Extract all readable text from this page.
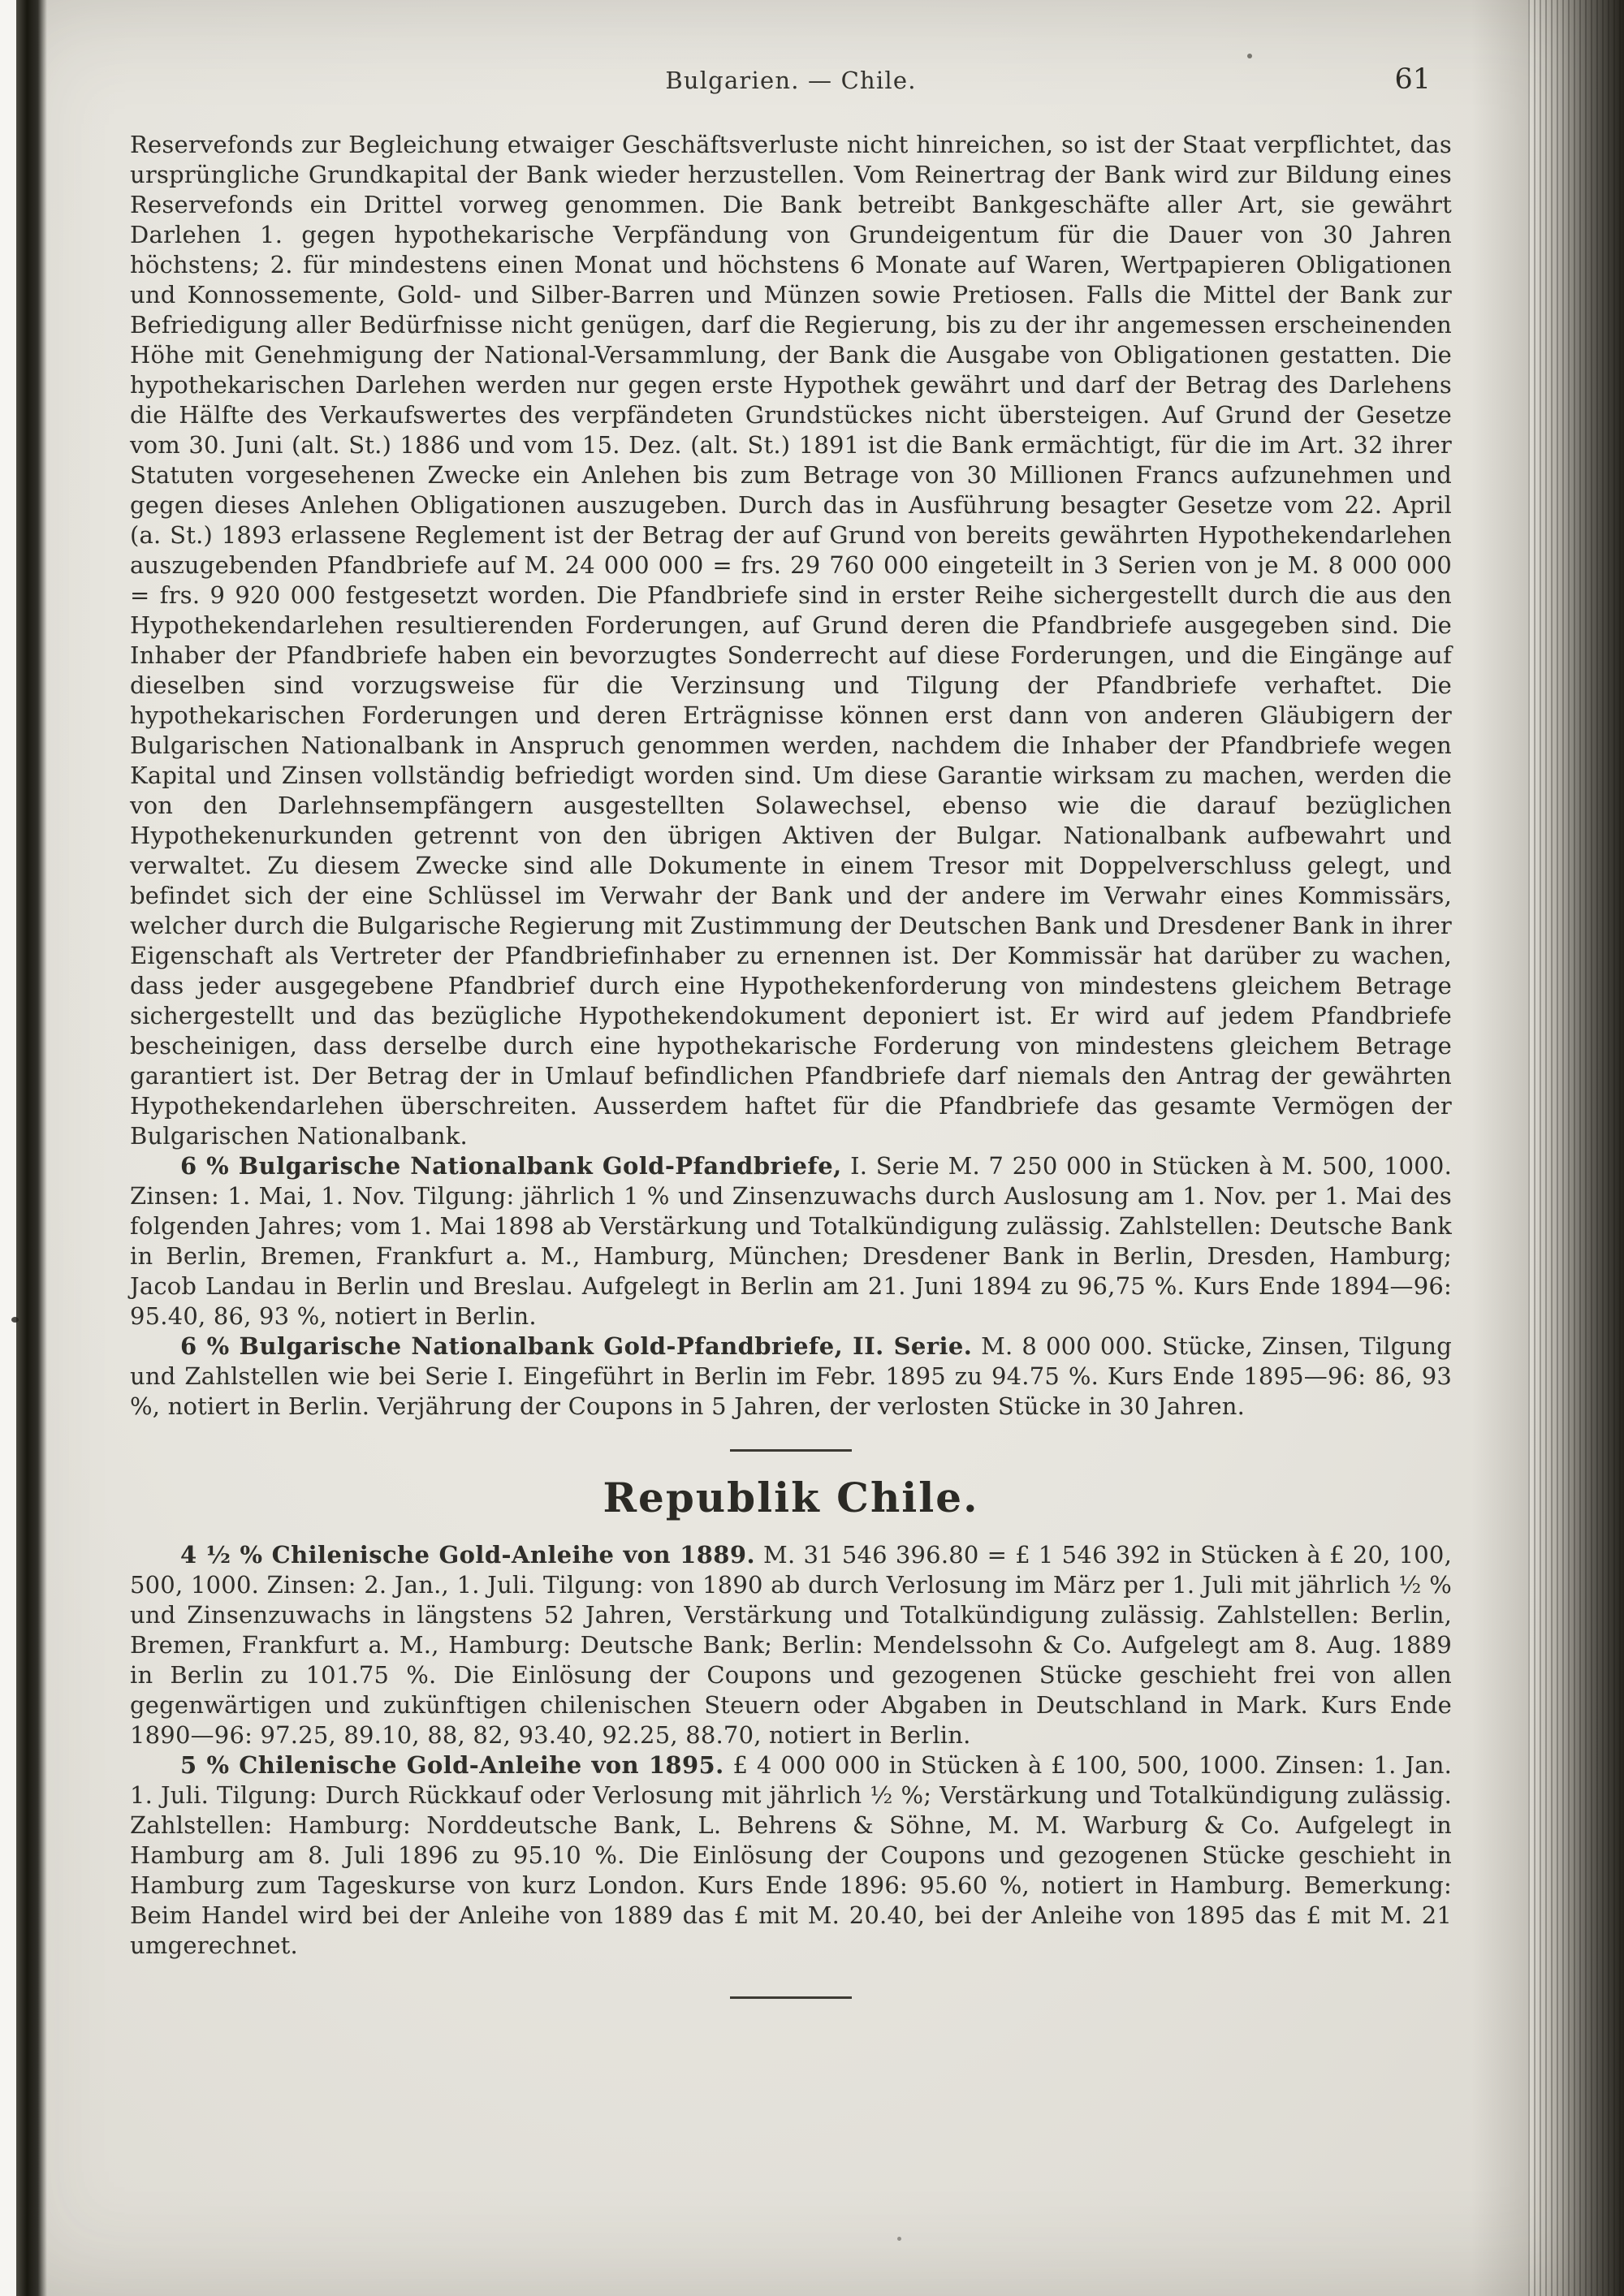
Bulgarien. — Chile.	61

Reservefonds zur Begleichung etwaiger Geschäftsverluste nicht hinreichen, so ist der Staat verpflichtet, das ursprüngliche Grundkapital der Bank wieder herzustellen. Vom Reinertrag der Bank wird zur Bildung eines Reservefonds ein Drittel vorweg genommen. Die Bank betreibt Bankgeschäfte aller Art, sie gewährt Darlehen 1. gegen hypothekarische Verpfändung von Grundeigentum für die Dauer von 30 Jahren höchstens; 2. für mindestens einen Monat und höchstens 6 Monate auf Waren, Wertpapieren Obligationen und Konnossemente, Gold- und Silber-Barren und Münzen sowie Pretiosen. Falls die Mittel der Bank zur Befriedigung aller Bedürfnisse nicht genügen, darf die Regierung, bis zu der ihr angemessen erscheinenden Höhe mit Genehmigung der National-Versammlung, der Bank die Ausgabe von Obligationen gestatten. Die hypothekarischen Darlehen werden nur gegen erste Hypothek gewährt und darf der Betrag des Darlehens die Hälfte des Verkaufswertes des verpfändeten Grundstückes nicht übersteigen. Auf Grund der Gesetze vom 30. Juni (alt. St.) 1886 und vom 15. Dez. (alt. St.) 1891 ist die Bank ermächtigt, für die im Art. 32 ihrer Statuten vorgesehenen Zwecke ein Anlehen bis zum Betrage von 30 Millionen Francs aufzunehmen und gegen dieses Anlehen Obligationen auszugeben. Durch das in Ausführung besagter Gesetze vom 22. April (a. St.) 1893 erlassene Reglement ist der Betrag der auf Grund von bereits gewährten Hypothekendarlehen auszugebenden Pfandbriefe auf M. 24 000 000 = frs. 29 760 000 eingeteilt in 3 Serien von je M. 8 000 000 = frs. 9 920 000 festgesetzt worden. Die Pfandbriefe sind in erster Reihe sichergestellt durch die aus den Hypothekendarlehen resultierenden Forderungen, auf Grund deren die Pfandbriefe ausgegeben sind. Die Inhaber der Pfandbriefe haben ein bevorzugtes Sonderrecht auf diese Forderungen, und die Eingänge auf dieselben sind vorzugsweise für die Verzinsung und Tilgung der Pfandbriefe verhaftet. Die hypothekarischen Forderungen und deren Erträgnisse können erst dann von anderen Gläubigern der Bulgarischen Nationalbank in Anspruch genommen werden, nachdem die Inhaber der Pfandbriefe wegen Kapital und Zinsen vollständig befriedigt worden sind. Um diese Garantie wirksam zu machen, werden die von den Darlehnsempfängern ausgestellten Solawechsel, ebenso wie die darauf bezüglichen Hypothekenurkunden getrennt von den übrigen Aktiven der Bulgar. Nationalbank aufbewahrt und verwaltet. Zu diesem Zwecke sind alle Dokumente in einem Tresor mit Doppelverschluss gelegt, und befindet sich der eine Schlüssel im Verwahr der Bank und der andere im Verwahr eines Kommissärs, welcher durch die Bulgarische Regierung mit Zustimmung der Deutschen Bank und Dresdener Bank in ihrer Eigenschaft als Vertreter der Pfandbriefinhaber zu ernennen ist. Der Kommissär hat darüber zu wachen, dass jeder ausgegebene Pfandbrief durch eine Hypothekenforderung von mindestens gleichem Betrage sichergestellt und das bezügliche Hypothekendokument deponiert ist. Er wird auf jedem Pfandbriefe bescheinigen, dass derselbe durch eine hypothekarische Forderung von mindestens gleichem Betrage garantiert ist. Der Betrag der in Umlauf befindlichen Pfandbriefe darf niemals den Antrag der gewährten Hypothekendarlehen überschreiten. Ausserdem haftet für die Pfandbriefe das gesamte Vermögen der Bulgarischen Nationalbank.

6 % Bulgarische Nationalbank Gold-Pfandbriefe, I. Serie M. 7 250 000 in Stücken à M. 500, 1000. Zinsen: 1. Mai, 1. Nov. Tilgung: jährlich 1 % und Zinsenzuwachs durch Auslosung am 1. Nov. per 1. Mai des folgenden Jahres; vom 1. Mai 1898 ab Verstärkung und Totalkündigung zulässig. Zahlstellen: Deutsche Bank in Berlin, Bremen, Frankfurt a. M., Hamburg, München; Dresdener Bank in Berlin, Dresden, Hamburg; Jacob Landau in Berlin und Breslau. Aufgelegt in Berlin am 21. Juni 1894 zu 96,75 %. Kurs Ende 1894—96: 95.40, 86, 93 %, notiert in Berlin.

6 % Bulgarische Nationalbank Gold-Pfandbriefe, II. Serie. M. 8 000 000. Stücke, Zinsen, Tilgung und Zahlstellen wie bei Serie I. Eingeführt in Berlin im Febr. 1895 zu 94.75 %. Kurs Ende 1895—96: 86, 93 %, notiert in Berlin. Verjährung der Coupons in 5 Jahren, der verlosten Stücke in 30 Jahren.

Republik Chile.

4 ½ % Chilenische Gold-Anleihe von 1889. M. 31 546 396.80 = £ 1 546 392 in Stücken à £ 20, 100, 500, 1000. Zinsen: 2. Jan., 1. Juli. Tilgung: von 1890 ab durch Verlosung im März per 1. Juli mit jährlich ½ % und Zinsenzuwachs in längstens 52 Jahren, Verstärkung und Totalkündigung zulässig. Zahlstellen: Berlin, Bremen, Frankfurt a. M., Hamburg: Deutsche Bank; Berlin: Mendelssohn & Co. Aufgelegt am 8. Aug. 1889 in Berlin zu 101.75 %. Die Einlösung der Coupons und gezogenen Stücke geschieht frei von allen gegenwärtigen und zukünftigen chilenischen Steuern oder Abgaben in Deutschland in Mark. Kurs Ende 1890—96: 97.25, 89.10, 88, 82, 93.40, 92.25, 88.70, notiert in Berlin.

5 % Chilenische Gold-Anleihe von 1895. £ 4 000 000 in Stücken à £ 100, 500, 1000. Zinsen: 1. Jan. 1. Juli. Tilgung: Durch Rückkauf oder Verlosung mit jährlich ½ %; Verstärkung und Totalkündigung zulässig. Zahlstellen: Hamburg: Norddeutsche Bank, L. Behrens & Söhne, M. M. Warburg & Co. Aufgelegt in Hamburg am 8. Juli 1896 zu 95.10 %. Die Einlösung der Coupons und gezogenen Stücke geschieht in Hamburg zum Tageskurse von kurz London. Kurs Ende 1896: 95.60 %, notiert in Hamburg. Bemerkung: Beim Handel wird bei der Anleihe von 1889 das £ mit M. 20.40, bei der Anleihe von 1895 das £ mit M. 21 umgerechnet.
